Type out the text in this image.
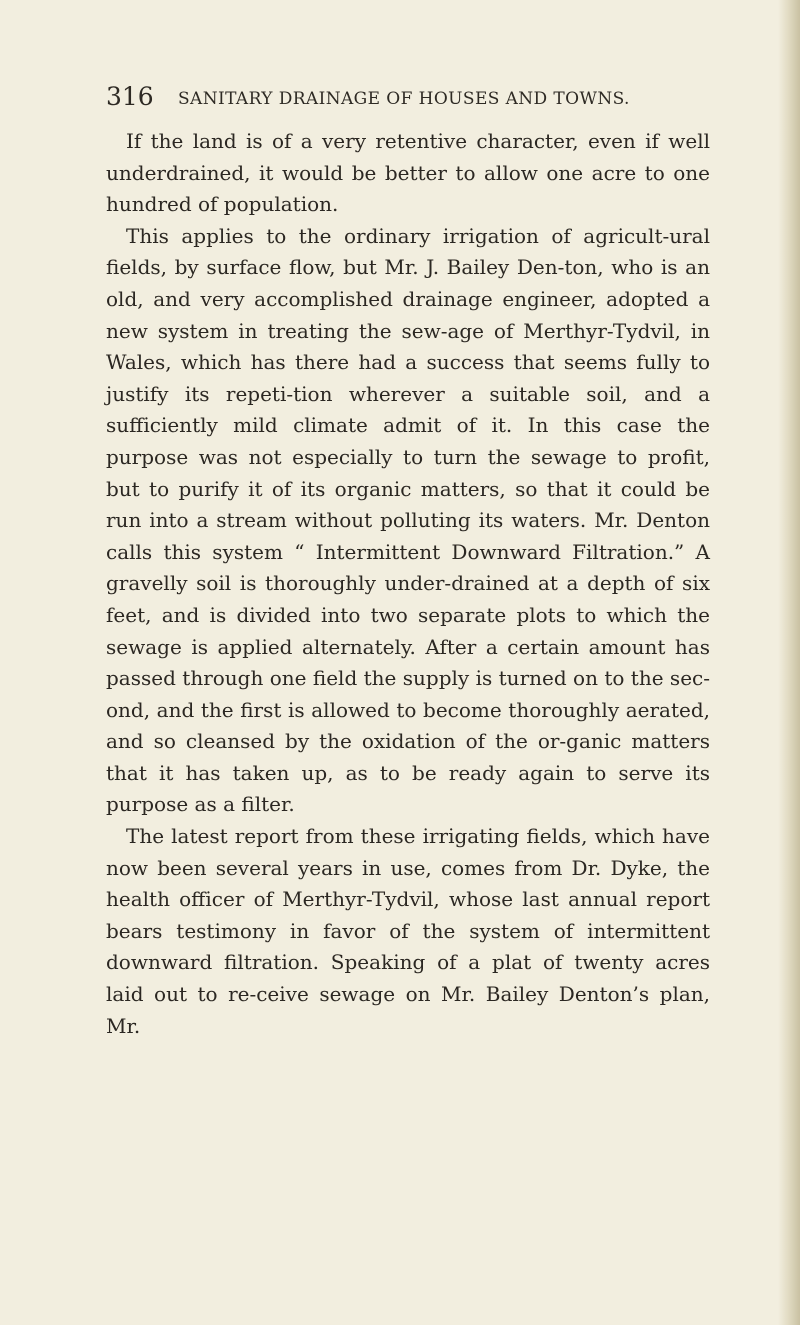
316 SANITARY DRAINAGE OF HOUSES AND TOWNS.

If the land is of a very retentive character, even if well underdrained, it would be better to allow one acre to one hundred of population.

This applies to the ordinary irrigation of agricult-ural fields, by surface flow, but Mr. J. Bailey Den-ton, who is an old, and very accomplished drainage engineer, adopted a new system in treating the sew-age of Merthyr-Tydvil, in Wales, which has there had a success that seems fully to justify its repeti-tion wherever a suitable soil, and a sufficiently mild climate admit of it. In this case the purpose was not especially to turn the sewage to profit, but to purify it of its organic matters, so that it could be run into a stream without polluting its waters. Mr. Denton calls this system “ Intermittent Downward Filtration.” A gravelly soil is thoroughly under-drained at a depth of six feet, and is divided into two separate plots to which the sewage is applied alternately. After a certain amount has passed through one field the supply is turned on to the sec-ond, and the first is allowed to become thoroughly aerated, and so cleansed by the oxidation of the or-ganic matters that it has taken up, as to be ready again to serve its purpose as a filter.

The latest report from these irrigating fields, which have now been several years in use, comes from Dr. Dyke, the health officer of Merthyr-Tydvil, whose last annual report bears testimony in favor of the system of intermittent downward filtration. Speaking of a plat of twenty acres laid out to re-ceive sewage on Mr. Bailey Denton’s plan, Mr.
